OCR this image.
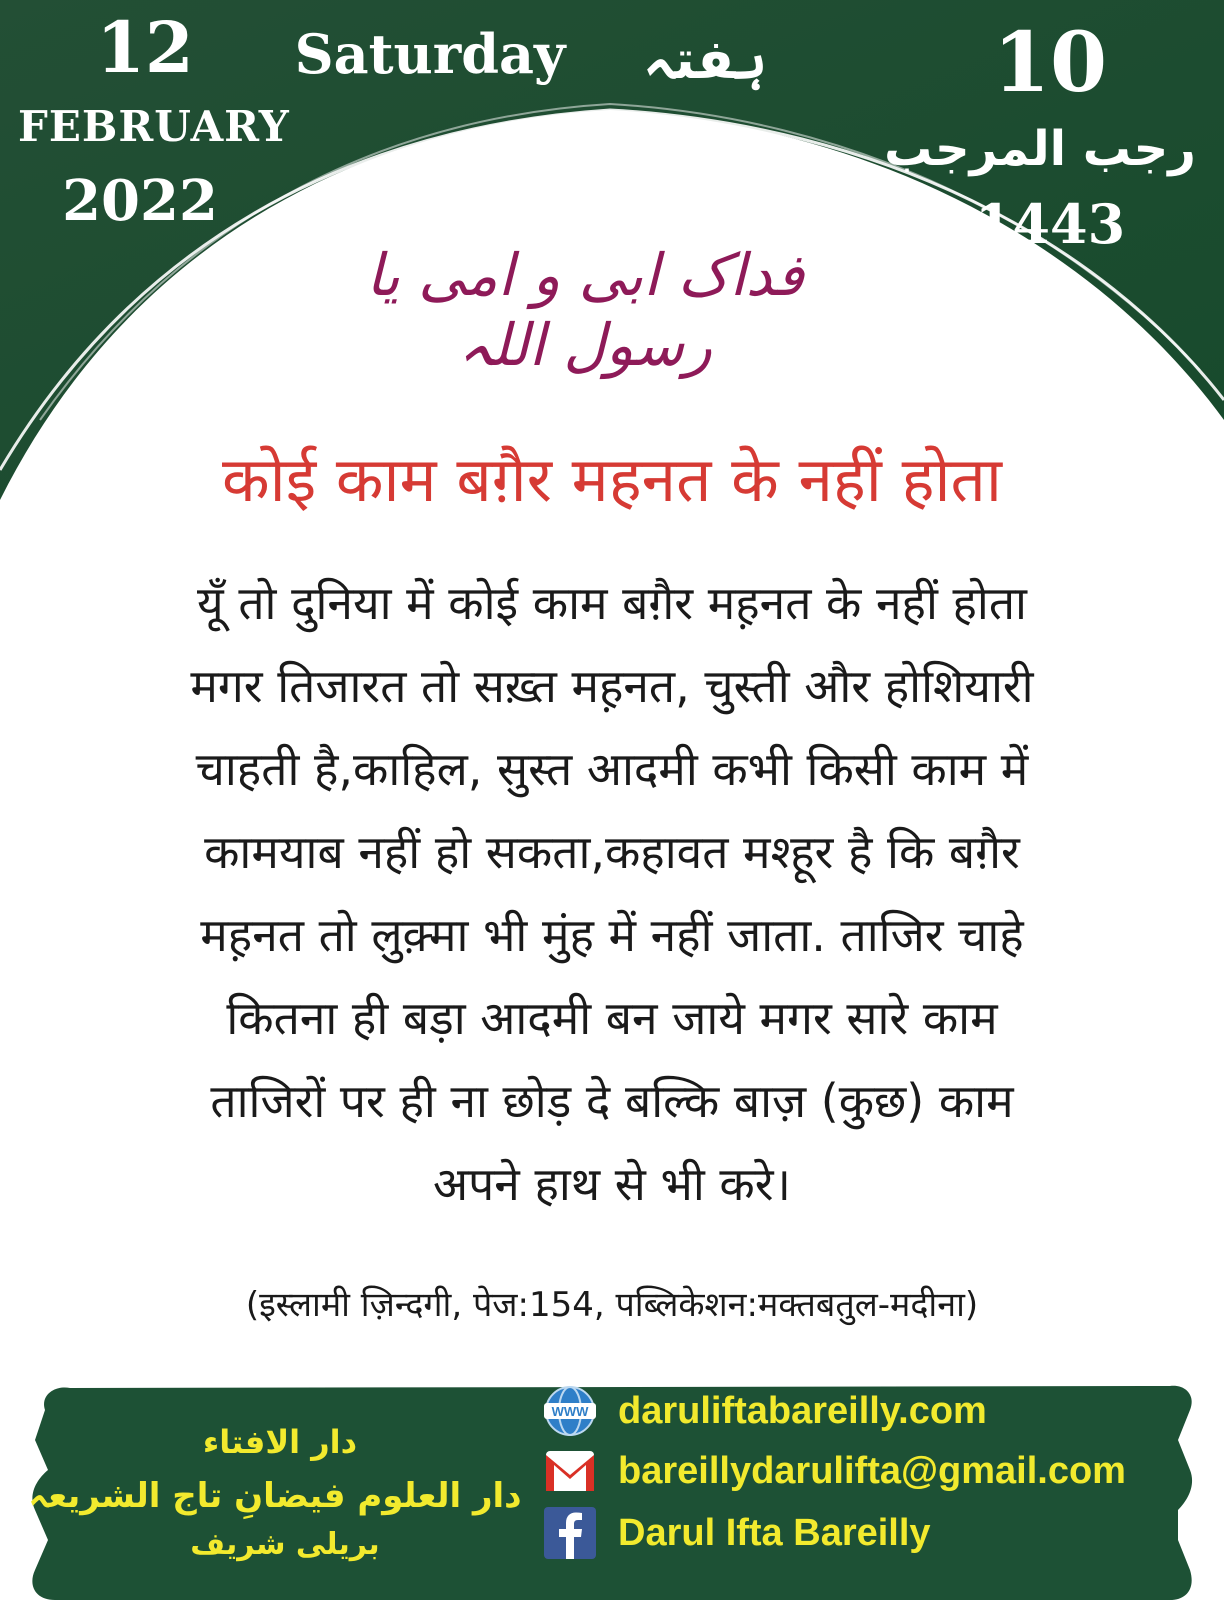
12
FEBRUARY
2022
Saturday	ہفتہ	10
رجب المرجب
1443
فداک ابی و امی یا رسول اللہ
कोई काम बग़ैर महनत के नहीं होता
यूँ तो दुनिया में कोई काम बग़ैर मह़नत के नहीं होता
मगर तिजारत तो सख़्त मह़नत, चुस्ती और होशियारी
चाहती है,काहिल, सुस्त आदमी कभी किसी काम में
कामयाब नहीं हो सकता,कहावत मश्हूर है कि बग़ैर
मह़नत तो लुक़्मा भी मुंह में नहीं जाता. ताजिर चाहे
कितना ही बड़ा आदमी बन जाये मगर सारे काम
ताजिरों पर ही ना छोड़ दे बल्कि बाज़ (कुछ) काम
अपने हाथ से भी करे।
(इस्लामी ज़िन्दगी, पेज:154, पब्लिकेशन:मक्तबतुल-मदीना)
دار الافتاء
دار العلوم فیضانِ تاج الشریعہ
بریلی شریف
WWW daruliftabareilly.com
bareillydarulifta@gmail.com
Darul Ifta Bareilly
